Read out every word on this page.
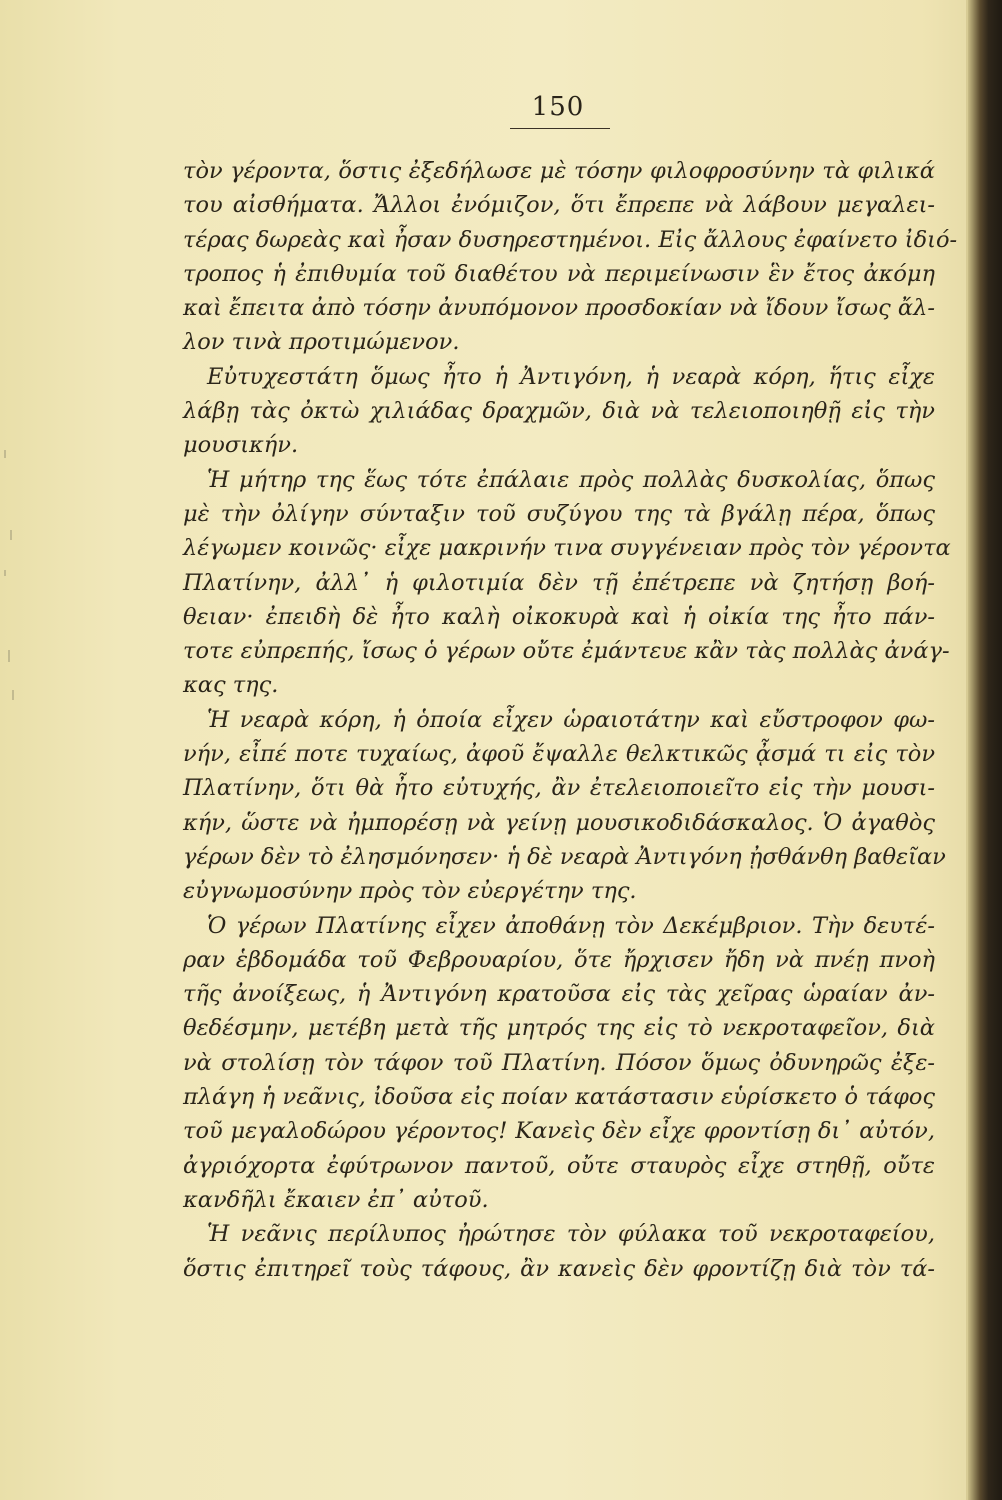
150
τὸν γέροντα, ὅστις ἐξεδήλωσε μὲ τόσην φιλοφροσύνην τὰ φιλικά
του αἰσθήματα. Ἄλλοι ἐνόμιζον, ὅτι ἔπρεπε νὰ λάβουν μεγαλει-
τέρας δωρεὰς καὶ ἦσαν δυσηρεστημένοι. Εἰς ἄλλους ἐφαίνετο ἰδιό-
τροπος ἡ ἐπιθυμία τοῦ διαθέτου νὰ περιμείνωσιν ἓν ἔτος ἀκόμη
καὶ ἔπειτα ἀπὸ τόσην ἀνυπόμονον προσδοκίαν νὰ ἴδουν ἴσως ἄλ-
λον τινὰ προτιμώμενον.
Εὐτυχεστάτη ὅμως ἦτο ἡ Ἀντιγόνη, ἡ νεαρὰ κόρη, ἥτις εἶχε
λάβῃ τὰς ὀκτὼ χιλιάδας δραχμῶν, διὰ νὰ τελειοποιηθῇ εἰς τὴν
μουσικήν.
Ἡ μήτηρ της ἕως τότε ἐπάλαιε πρὸς πολλὰς δυσκολίας, ὅπως
μὲ τὴν ὀλίγην σύνταξιν τοῦ συζύγου της τὰ βγάλῃ πέρα, ὅπως
λέγωμεν κοινῶς· εἶχε μακρινήν τινα συγγένειαν πρὸς τὸν γέροντα
Πλατίνην, ἀλλ᾽ ἡ φιλοτιμία δὲν τῇ ἐπέτρεπε νὰ ζητήσῃ βοή-
θειαν· ἐπειδὴ δὲ ἦτο καλὴ οἰκοκυρὰ καὶ ἡ οἰκία της ἦτο πάν-
τοτε εὐπρεπής, ἴσως ὁ γέρων οὔτε ἐμάντευε κἂν τὰς πολλὰς ἀνάγ-
κας της.
Ἡ νεαρὰ κόρη, ἡ ὁποία εἶχεν ὡραιοτάτην καὶ εὔστροφον φω-
νήν, εἶπέ ποτε τυχαίως, ἀφοῦ ἔψαλλε θελκτικῶς ᾆσμά τι εἰς τὸν
Πλατίνην, ὅτι θὰ ἦτο εὐτυχής, ἂν ἐτελειοποιεῖτο εἰς τὴν μουσι-
κήν, ὥστε νὰ ἠμπορέσῃ νὰ γείνῃ μουσικοδιδάσκαλος. Ὁ ἀγαθὸς
γέρων δὲν τὸ ἐλησμόνησεν· ἡ δὲ νεαρὰ Ἀντιγόνη ᾐσθάνθη βαθεῖαν
εὐγνωμοσύνην πρὸς τὸν εὐεργέτην της.
Ὁ γέρων Πλατίνης εἶχεν ἀποθάνῃ τὸν Δεκέμβριον. Τὴν δευτέ-
ραν ἑβδομάδα τοῦ Φεβρουαρίου, ὅτε ἤρχισεν ἤδη νὰ πνέῃ πνοὴ
τῆς ἀνοίξεως, ἡ Ἀντιγόνη κρατοῦσα εἰς τὰς χεῖρας ὡραίαν ἀν-
θεδέσμην, μετέβη μετὰ τῆς μητρός της εἰς τὸ νεκροταφεῖον, διὰ
νὰ στολίσῃ τὸν τάφον τοῦ Πλατίνη. Πόσον ὅμως ὀδυνηρῶς ἐξε-
πλάγη ἡ νεᾶνις, ἰδοῦσα εἰς ποίαν κατάστασιν εὑρίσκετο ὁ τάφος
τοῦ μεγαλοδώρου γέροντος! Κανεὶς δὲν εἶχε φροντίσῃ δι᾽ αὐτόν,
ἀγριόχορτα ἐφύτρωνον παντοῦ, οὔτε σταυρὸς εἶχε στηθῇ, οὔτε
κανδῆλι ἔκαιεν ἐπ᾽ αὐτοῦ.
Ἡ νεᾶνις περίλυπος ἠρώτησε τὸν φύλακα τοῦ νεκροταφείου,
ὅστις ἐπιτηρεῖ τοὺς τάφους, ἂν κανεὶς δὲν φροντίζῃ διὰ τὸν τά-
